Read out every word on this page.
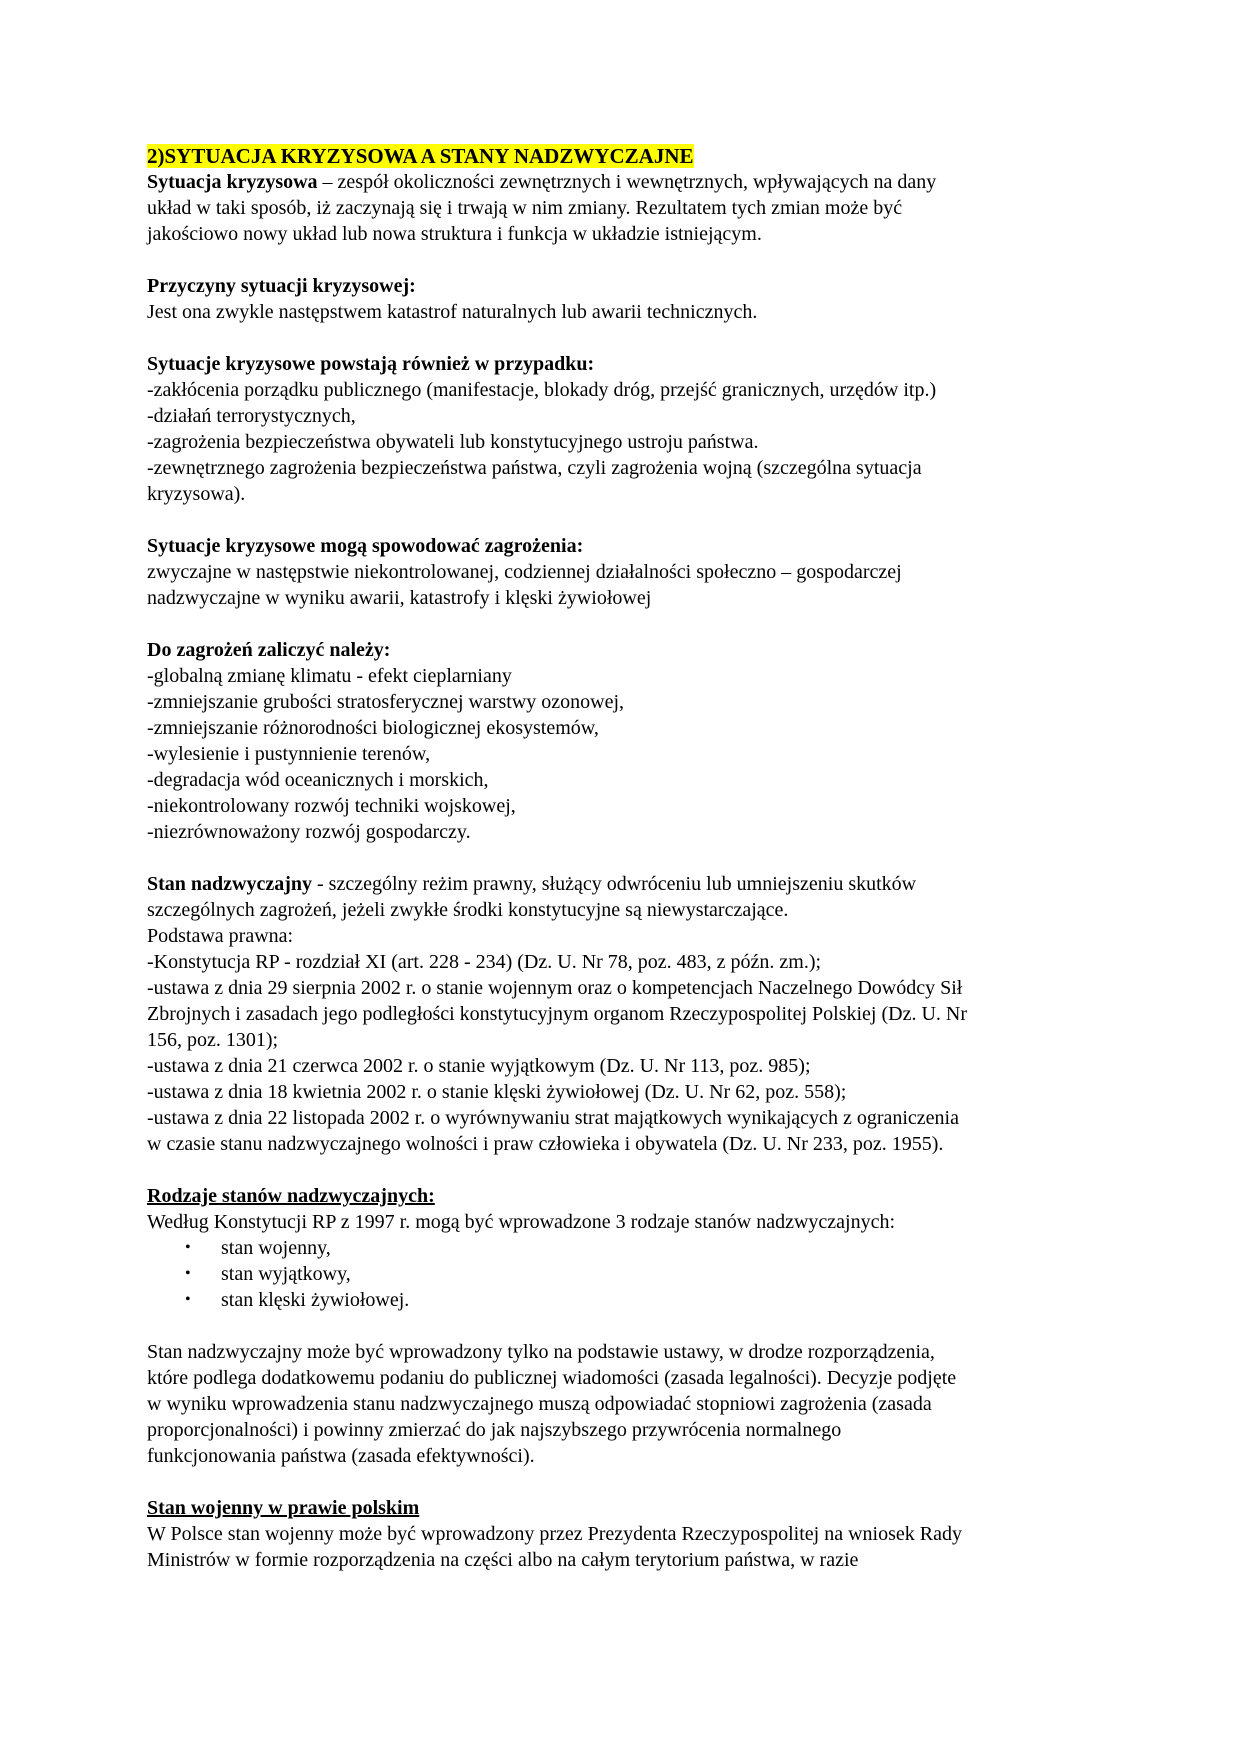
2)SYTUACJA KRYZYSOWA A STANY NADZWYCZAJNE
Sytuacja kryzysowa – zespół okoliczności zewnętrznych i wewnętrznych, wpływających na dany
układ w taki sposób, iż zaczynają się i trwają w nim zmiany. Rezultatem tych zmian może być
jakościowo nowy układ lub nowa struktura i funkcja w układzie istniejącym.
Przyczyny sytuacji kryzysowej:
Jest ona zwykle następstwem katastrof naturalnych lub awarii technicznych.
Sytuacje kryzysowe powstają również w przypadku:
-zakłócenia porządku publicznego (manifestacje, blokady dróg, przejść granicznych, urzędów itp.)
-działań terrorystycznych,
-zagrożenia bezpieczeństwa obywateli lub konstytucyjnego ustroju państwa.
-zewnętrznego zagrożenia bezpieczeństwa państwa, czyli zagrożenia wojną (szczególna sytuacja
kryzysowa).
Sytuacje kryzysowe mogą spowodować zagrożenia:
zwyczajne w następstwie niekontrolowanej, codziennej działalności społeczno – gospodarczej
nadzwyczajne w wyniku awarii, katastrofy i klęski żywiołowej
Do zagrożeń zaliczyć należy:
-globalną zmianę klimatu - efekt cieplarniany
-zmniejszanie grubości stratosferycznej warstwy ozonowej,
-zmniejszanie różnorodności biologicznej ekosystemów,
-wylesienie i pustynnienie terenów,
-degradacja wód oceanicznych i morskich,
-niekontrolowany rozwój techniki wojskowej,
-niezrównoważony rozwój gospodarczy.
Stan nadzwyczajny - szczególny reżim prawny, służący odwróceniu lub umniejszeniu skutków
szczególnych zagrożeń, jeżeli zwykłe środki konstytucyjne są niewystarczające.
Podstawa prawna:
-Konstytucja RP - rozdział XI (art. 228 - 234) (Dz. U. Nr 78, poz. 483, z późn. zm.);
-ustawa z dnia 29 sierpnia 2002 r. o stanie wojennym oraz o kompetencjach Naczelnego Dowódcy Sił
Zbrojnych i zasadach jego podległości konstytucyjnym organom Rzeczypospolitej Polskiej (Dz. U. Nr
156, poz. 1301);
-ustawa z dnia 21 czerwca 2002 r. o stanie wyjątkowym (Dz. U. Nr 113, poz. 985);
-ustawa z dnia 18 kwietnia 2002 r. o stanie klęski żywiołowej (Dz. U. Nr 62, poz. 558);
-ustawa z dnia 22 listopada 2002 r. o wyrównywaniu strat majątkowych wynikających z ograniczenia
w czasie stanu nadzwyczajnego wolności i praw człowieka i obywatela (Dz. U. Nr 233, poz. 1955).
Rodzaje stanów nadzwyczajnych:
Według Konstytucji RP z 1997 r. mogą być wprowadzone 3 rodzaje stanów nadzwyczajnych:
•	stan wojenny,
•	stan wyjątkowy,
•	stan klęski żywiołowej.
Stan nadzwyczajny może być wprowadzony tylko na podstawie ustawy, w drodze rozporządzenia,
które podlega dodatkowemu podaniu do publicznej wiadomości (zasada legalności). Decyzje podjęte
w wyniku wprowadzenia stanu nadzwyczajnego muszą odpowiadać stopniowi zagrożenia (zasada
proporcjonalności) i powinny zmierzać do jak najszybszego przywrócenia normalnego
funkcjonowania państwa (zasada efektywności).
Stan wojenny w prawie polskim
W Polsce stan wojenny może być wprowadzony przez Prezydenta Rzeczypospolitej na wniosek Rady
Ministrów w formie rozporządzenia na części albo na całym terytorium państwa, w razie
